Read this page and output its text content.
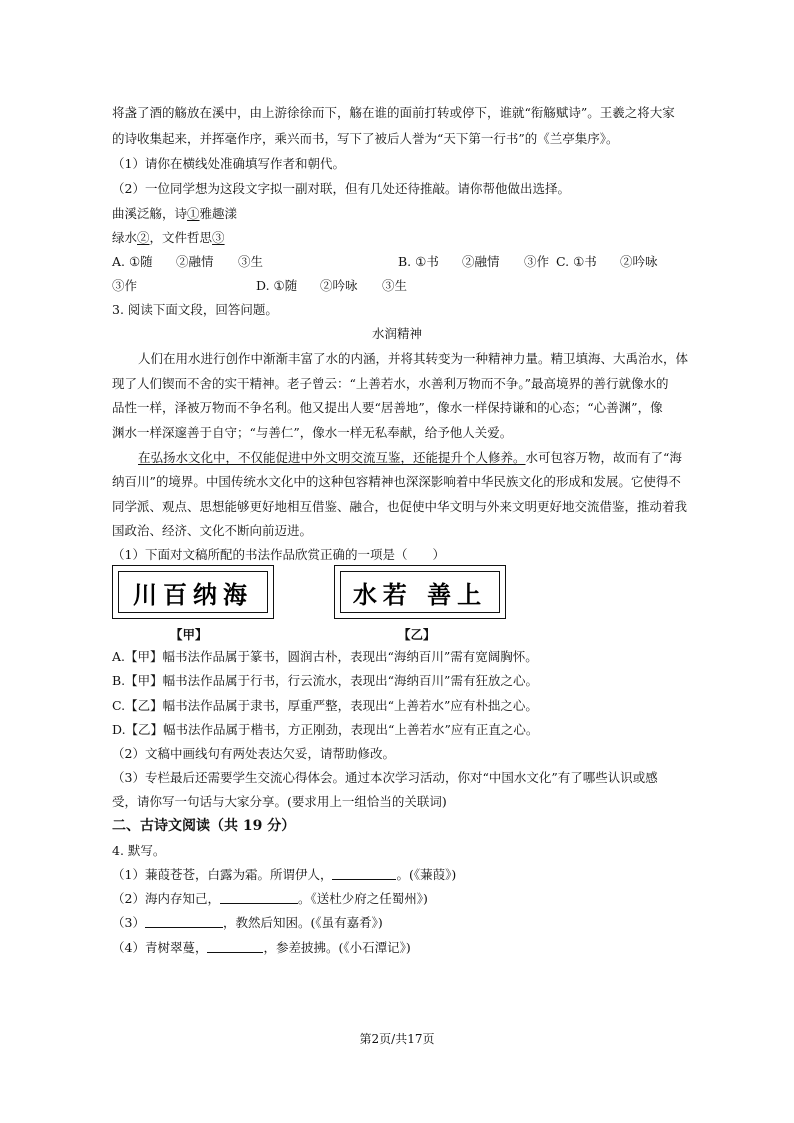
将盏了酒的觞放在溪中，由上游徐徐而下，觞在谁的面前打转或停下，谁就“衔觞赋诗”。王羲之将大家
的诗收集起来，并挥毫作序，乘兴而书，写下了被后人誉为“天下第一行书”的《兰亭集序》。
（1）请你在横线处准确填写作者和朝代。
（2）一位同学想为这段文字拟一副对联，但有几处还待推敲。请你帮他做出选择。
曲溪泛觞，诗①雅趣漾
绿水②，文件哲思③
A. ①随 ②融情 ③生	B. ①书 ②融情 ③作 C. ①书 ②吟咏
③作	D. ①随 ②吟咏 ③生
3. 阅读下面文段，回答问题。
水润精神
人们在用水进行创作中渐渐丰富了水的内涵，并将其转变为一种精神力量。精卫填海、大禹治水，体
现了人们锲而不舍的实干精神。老子曾云：“上善若水，水善利万物而不争。”最高境界的善行就像水的
品性一样，泽被万物而不争名利。他又提出人要“居善地”，像水一样保持谦和的心态；“心善渊”，像
渊水一样深邃善于自守；“与善仁”，像水一样无私奉献，给予他人关爱。
在弘扬水文化中，不仅能促进中外文明交流互鉴，还能提升个人修养。水可包容万物，故而有了“海
纳百川”的境界。中国传统水文化中的这种包容精神也深深影响着中华民族文化的形成和发展。它使得不
同学派、观点、思想能够更好地相互借鉴、融合，也促使中华文明与外来文明更好地交流借鉴，推动着我
国政治、经济、文化不断向前迈进。
（1）下面对文稿所配的书法作品欣赏正确的一项是（　　）
川百纳海	水若 善上
【甲】	【乙】
A.【甲】幅书法作品属于篆书，圆润古朴，表现出“海纳百川”需有宽阔胸怀。
B.【甲】幅书法作品属于行书，行云流水，表现出“海纳百川”需有狂放之心。
C.【乙】幅书法作品属于隶书，厚重严整，表现出“上善若水”应有朴拙之心。
D.【乙】幅书法作品属于楷书，方正刚劲，表现出“上善若水”应有正直之心。
（2）文稿中画线句有两处表达欠妥，请帮助修改。
（3）专栏最后还需要学生交流心得体会。通过本次学习活动，你对“中国水文化”有了哪些认识或感
受，请你写一句话与大家分享。(要求用上一组恰当的关联词)
二、古诗文阅读（共 19 分）
4. 默写。
（1）蒹葭苍苍，白露为霜。所谓伊人，	。(《蒹葭》)
（2）海内存知己，	。《送杜少府之任蜀州》)
（3）	，教然后知困。(《虽有嘉肴》)
（4）青树翠蔓，	，参差披拂。(《小石潭记》)
第2页/共17页
